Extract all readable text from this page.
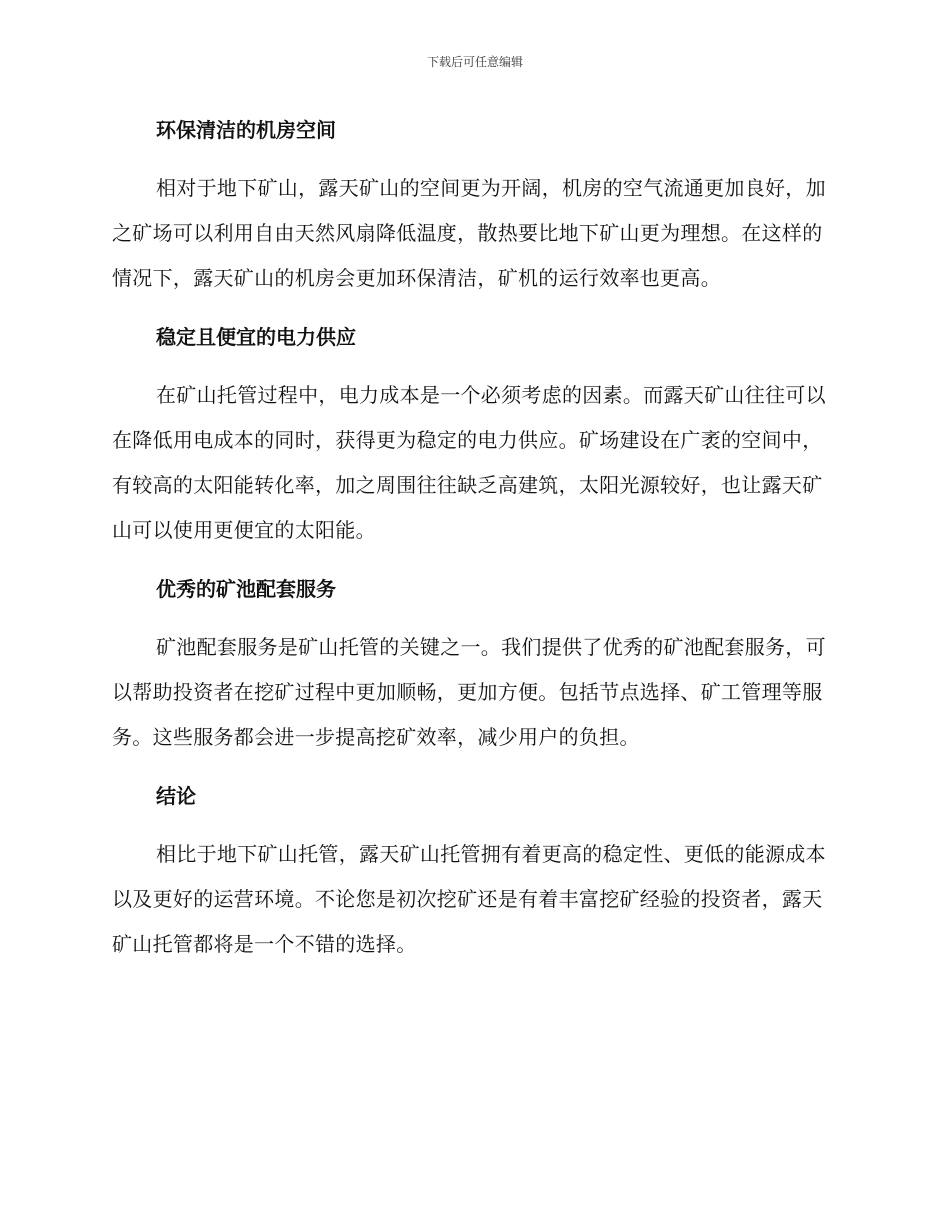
下载后可任意编辑
环保清洁的机房空间
相对于地下矿山，露天矿山的空间更为开阔，机房的空气流通更加良好，加之矿场可以利用自由天然风扇降低温度，散热要比地下矿山更为理想。在这样的情况下，露天矿山的机房会更加环保清洁，矿机的运行效率也更高。
稳定且便宜的电力供应
在矿山托管过程中，电力成本是一个必须考虑的因素。而露天矿山往往可以在降低用电成本的同时，获得更为稳定的电力供应。矿场建设在广袤的空间中，有较高的太阳能转化率，加之周围往往缺乏高建筑，太阳光源较好，也让露天矿山可以使用更便宜的太阳能。
优秀的矿池配套服务
矿池配套服务是矿山托管的关键之一。我们提供了优秀的矿池配套服务，可以帮助投资者在挖矿过程中更加顺畅，更加方便。包括节点选择、矿工管理等服务。这些服务都会进一步提高挖矿效率，减少用户的负担。
结论
相比于地下矿山托管，露天矿山托管拥有着更高的稳定性、更低的能源成本以及更好的运营环境。不论您是初次挖矿还是有着丰富挖矿经验的投资者，露天矿山托管都将是一个不错的选择。
